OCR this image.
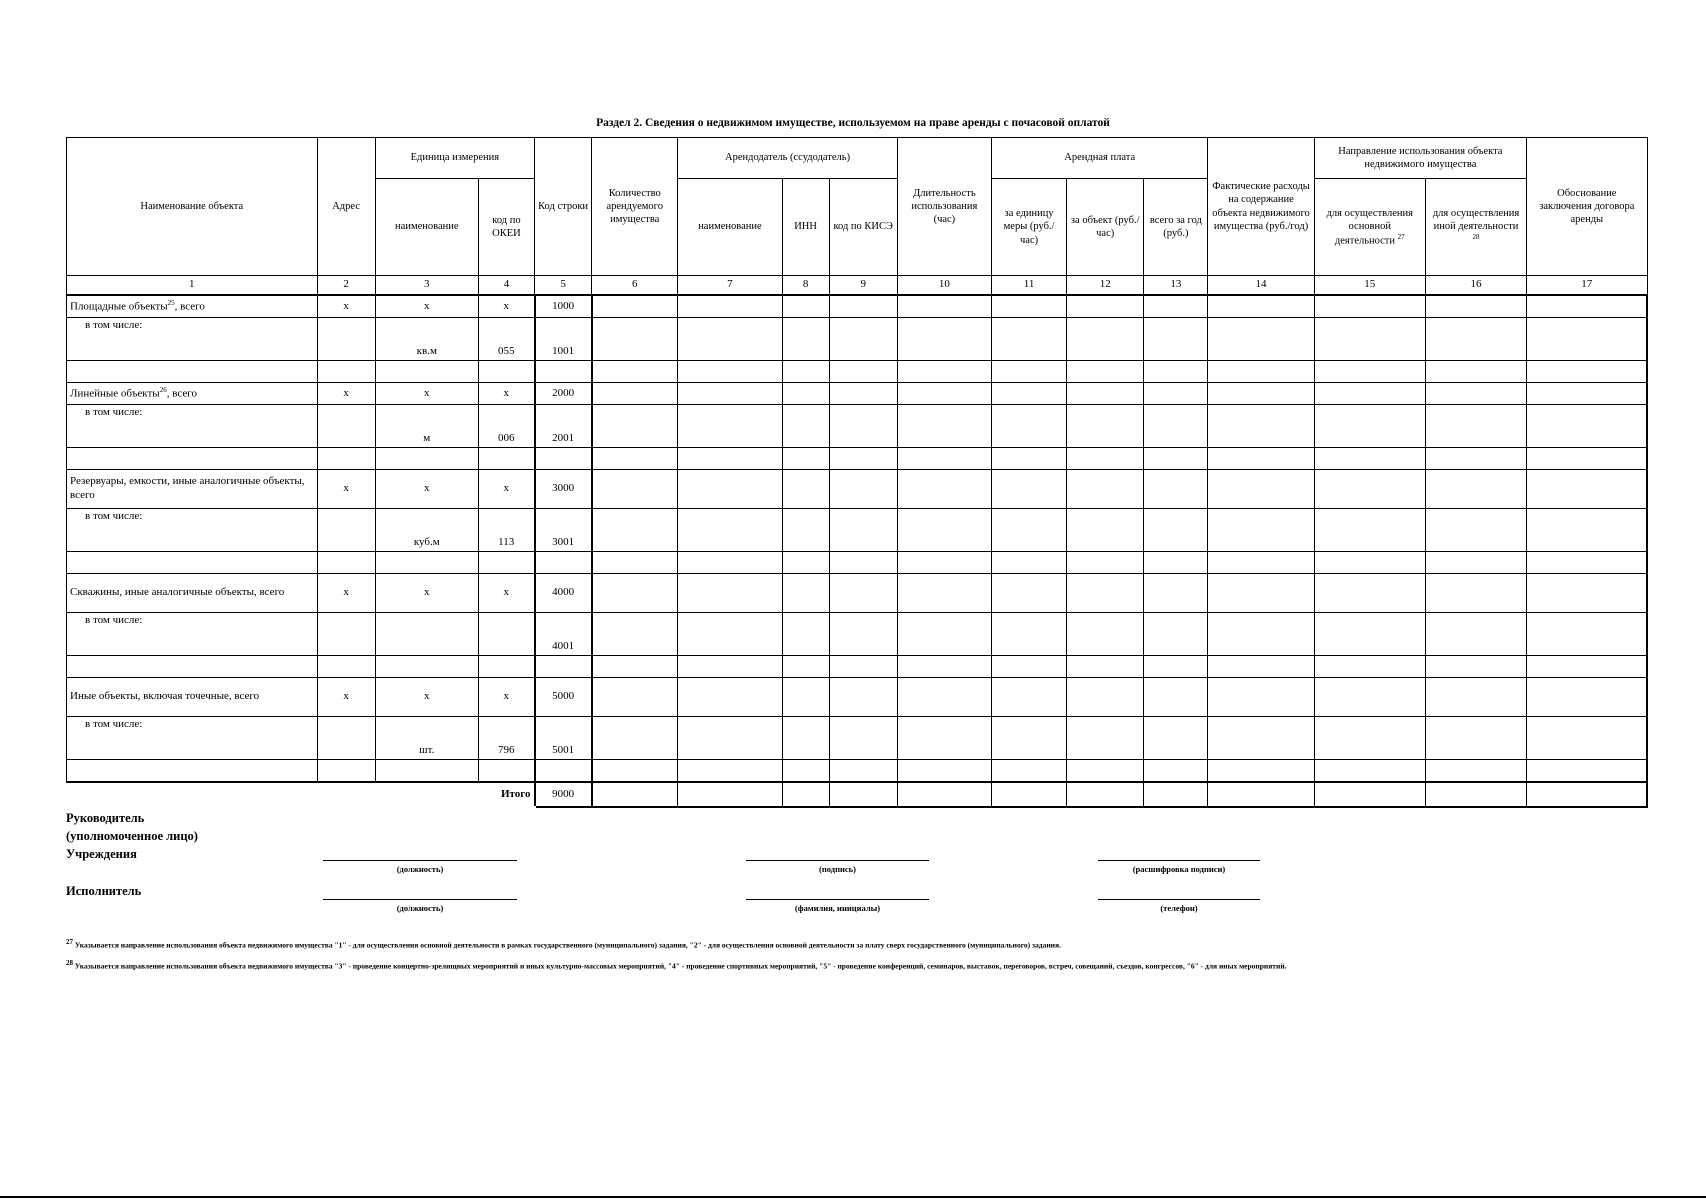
Раздел 2. Сведения о недвижимом имуществе, используемом на праве аренды с почасовой оплатой
Наименование объекта	Адрес	Единица измерения		Код строки	Количество арендуемого имущества	Арендодатель (ссудодатель)			Длительность использования (час)	Арендная плата			Фактические расходы на содержание объекта недвижимого имущества (руб./год)	Направление использования объекта недвижимого имущества		Обоснование заключения договора аренды
		наименование	код по ОКЕИ			наименование	ИНН	код по КИСЭ		за единицу меры (руб./час)	за объект (руб./час)	всего за год (руб.)		для осуществления основной деятельности $^{27}$	для осуществления иной деятельности $^{28}$
1	2	3	4	5	6	7	8	9	10	11	12	13	14	15	16	17
Площадные объекты$^{25}$, всего	x	x	x	1000												
в том числе:		кв.м	055	1001												

Линейные объекты$^{26}$, всего	x	x	x	2000												
в том числе:		м	006	2001												

Резервуары, емкости, иные аналогичные объекты, всего	x	x	x	3000												
в том числе:		куб.м	113	3001												

Скважины, иные аналогичные объекты, всего	x	x	x	4000												
в том числе:				4001												

Иные объекты, включая точечные, всего	x	x	x	5000												
в том числе:		шт.	796	5001												

Итого				9000												
Руководитель
(уполномоченное лицо)
Учреждения
(должность)	(подпись)	(расшифровка подписи)
Исполнитель
(должность)	(фамилия, инициалы)	(телефон)
$^{27}$ Указывается направление использования объекта недвижимого имущества "1" - для осуществления основной деятельности в рамках государственного (муниципального) задания, "2" - для осуществления основной деятельности за плату сверх государственного (муниципального) задания.
$^{28}$ Указывается направление использования объекта недвижимого имущества "3" - проведение концертно-зрелищных мероприятий и иных культурно-массовых мероприятий, "4" - проведение спортивных мероприятий, "5" - проведение конференций, семинаров, выставок, переговоров, встреч, совещаний, съездов, конгрессов, "6" - для иных мероприятий.
